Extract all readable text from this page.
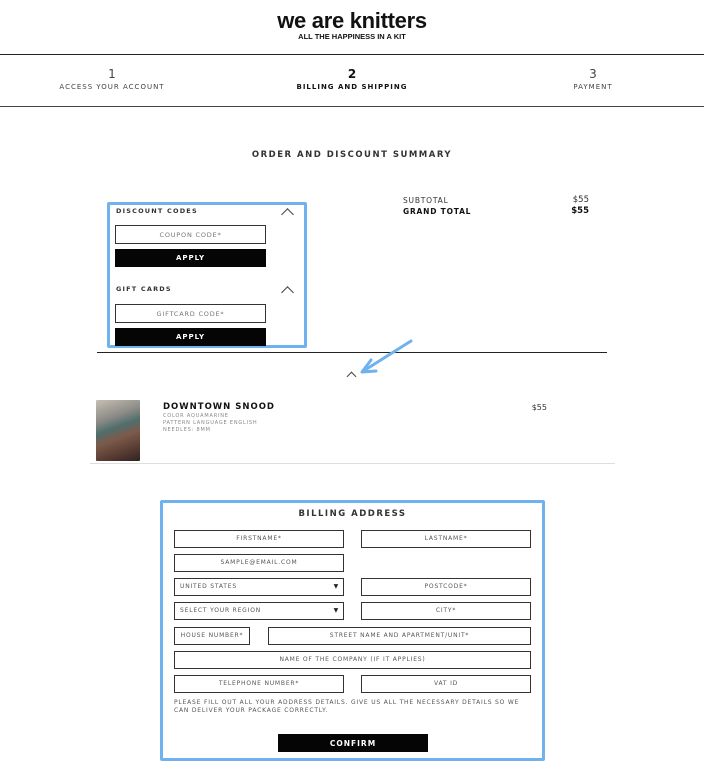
we are knitters
ALL THE HAPPINESS IN A KIT
1
ACCESS YOUR ACCOUNT
2
BILLING AND SHIPPING
3
PAYMENT
ORDER AND DISCOUNT SUMMARY
DISCOUNT CODES
COUPON CODE*
APPLY
GIFT CARDS
GIFTCARD CODE*
APPLY
SUBTOTAL	$55
GRAND TOTAL	$55
DOWNTOWN SNOOD
COLOR AQUAMARINE
PATTERN LANGUAGE ENGLISH
NEEDLES: 8MM
$55
BILLING ADDRESS
FIRSTNAME*	LASTNAME*
SAMPLE@EMAIL.COM
UNITED STATES	▼	POSTCODE*
SELECT YOUR REGION	▼	CITY*
HOUSE NUMBER*	STREET NAME AND APARTMENT/UNIT*
NAME OF THE COMPANY (IF IT APPLIES)
TELEPHONE NUMBER*	VAT ID
PLEASE FILL OUT ALL YOUR ADDRESS DETAILS. GIVE US ALL THE NECESSARY DETAILS SO WE CAN DELIVER YOUR PACKAGE CORRECTLY.
CONFIRM
